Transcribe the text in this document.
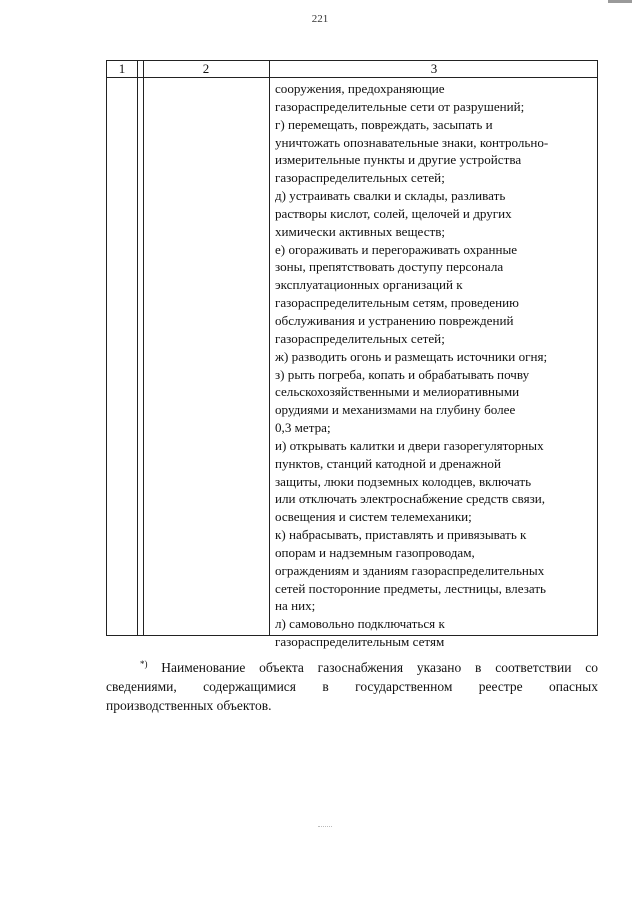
221
1	2	3
сооружения, предохраняющие
газораспределительные сети от разрушений;
г) перемещать, повреждать, засыпать и
уничтожать опознавательные знаки, контрольно-
измерительные пункты и другие устройства
газораспределительных сетей;
д) устраивать свалки и склады, разливать
растворы кислот, солей, щелочей и других
химически активных веществ;
е) огораживать и перегораживать охранные
зоны, препятствовать доступу персонала
эксплуатационных организаций к
газораспределительным сетям, проведению
обслуживания и устранению повреждений
газораспределительных сетей;
ж) разводить огонь и размещать источники огня;
з) рыть погреба, копать и обрабатывать почву
сельскохозяйственными и мелиоративными
орудиями и механизмами на глубину более
0,3 метра;
и) открывать калитки и двери газорегуляторных
пунктов, станций катодной и дренажной
защиты, люки подземных колодцев, включать
или отключать электроснабжение средств связи,
освещения и систем телемеханики;
к) набрасывать, приставлять и привязывать к
опорам и надземным газопроводам,
ограждениям и зданиям газораспределительных
сетей посторонние предметы, лестницы, влезать
на них;
л) самовольно подключаться к
газораспределительным сетям
*) Наименование объекта газоснабжения указано в соответствии со
сведениями, содержащимися в государственном реестре опасных
производственных объектов.
